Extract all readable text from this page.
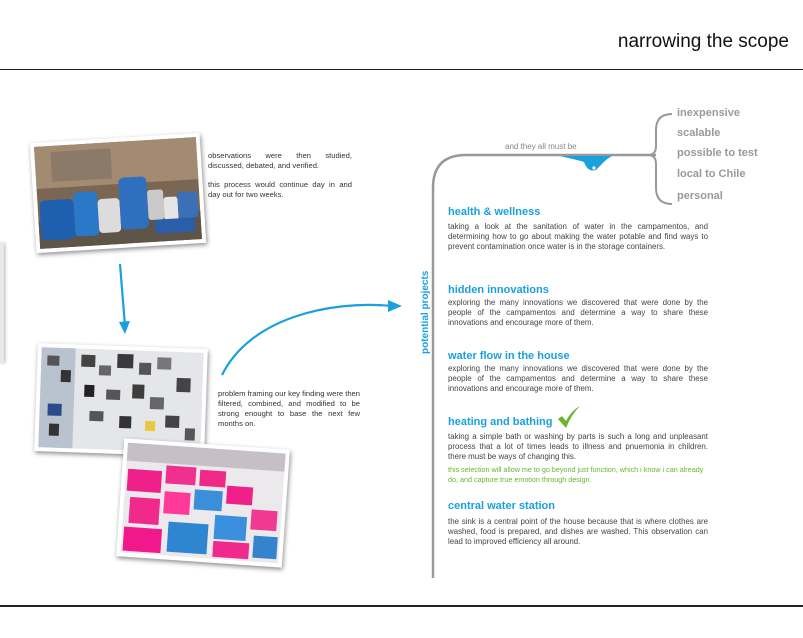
narrowing the scope
observations were then studied, discussed, debated, and verified.
this process would continue day in and day out for two weeks.
problem framing our key finding were then filtered, combined, and modified to be strong enought to base the next few months on.
and they all must be
inexpensive
scalable
possible to test
local to Chile
personal
potential projects
health & wellness
taking a look at the sanitation of water in the campamentos, and determining how to go about making the water potable and find ways to prevent contamination once water is in the storage containers.
hidden innovations
exploring the many innovations we discovered that were done by the people of the campamentos and determine a way to share these innovations and encourage more of them.
water flow in the house
exploring the many innovations we discovered that were done by the people of the campamentos and determine a way to share these innovations and encourage more of them.
heating and bathing
taking a simple bath or washing by parts is such a long and unpleasant process that a lot of times leads to illness and pnuemonia in children. there must be ways of changing this.
this selection will allow me to go beyond just function, which i know i can already do, and capture true emotion through design.
central water station
the sink is a central point of the house because that is where clothes are washed, food is prepared, and dishes are washed. This observation can lead to improved efficiency all around.
